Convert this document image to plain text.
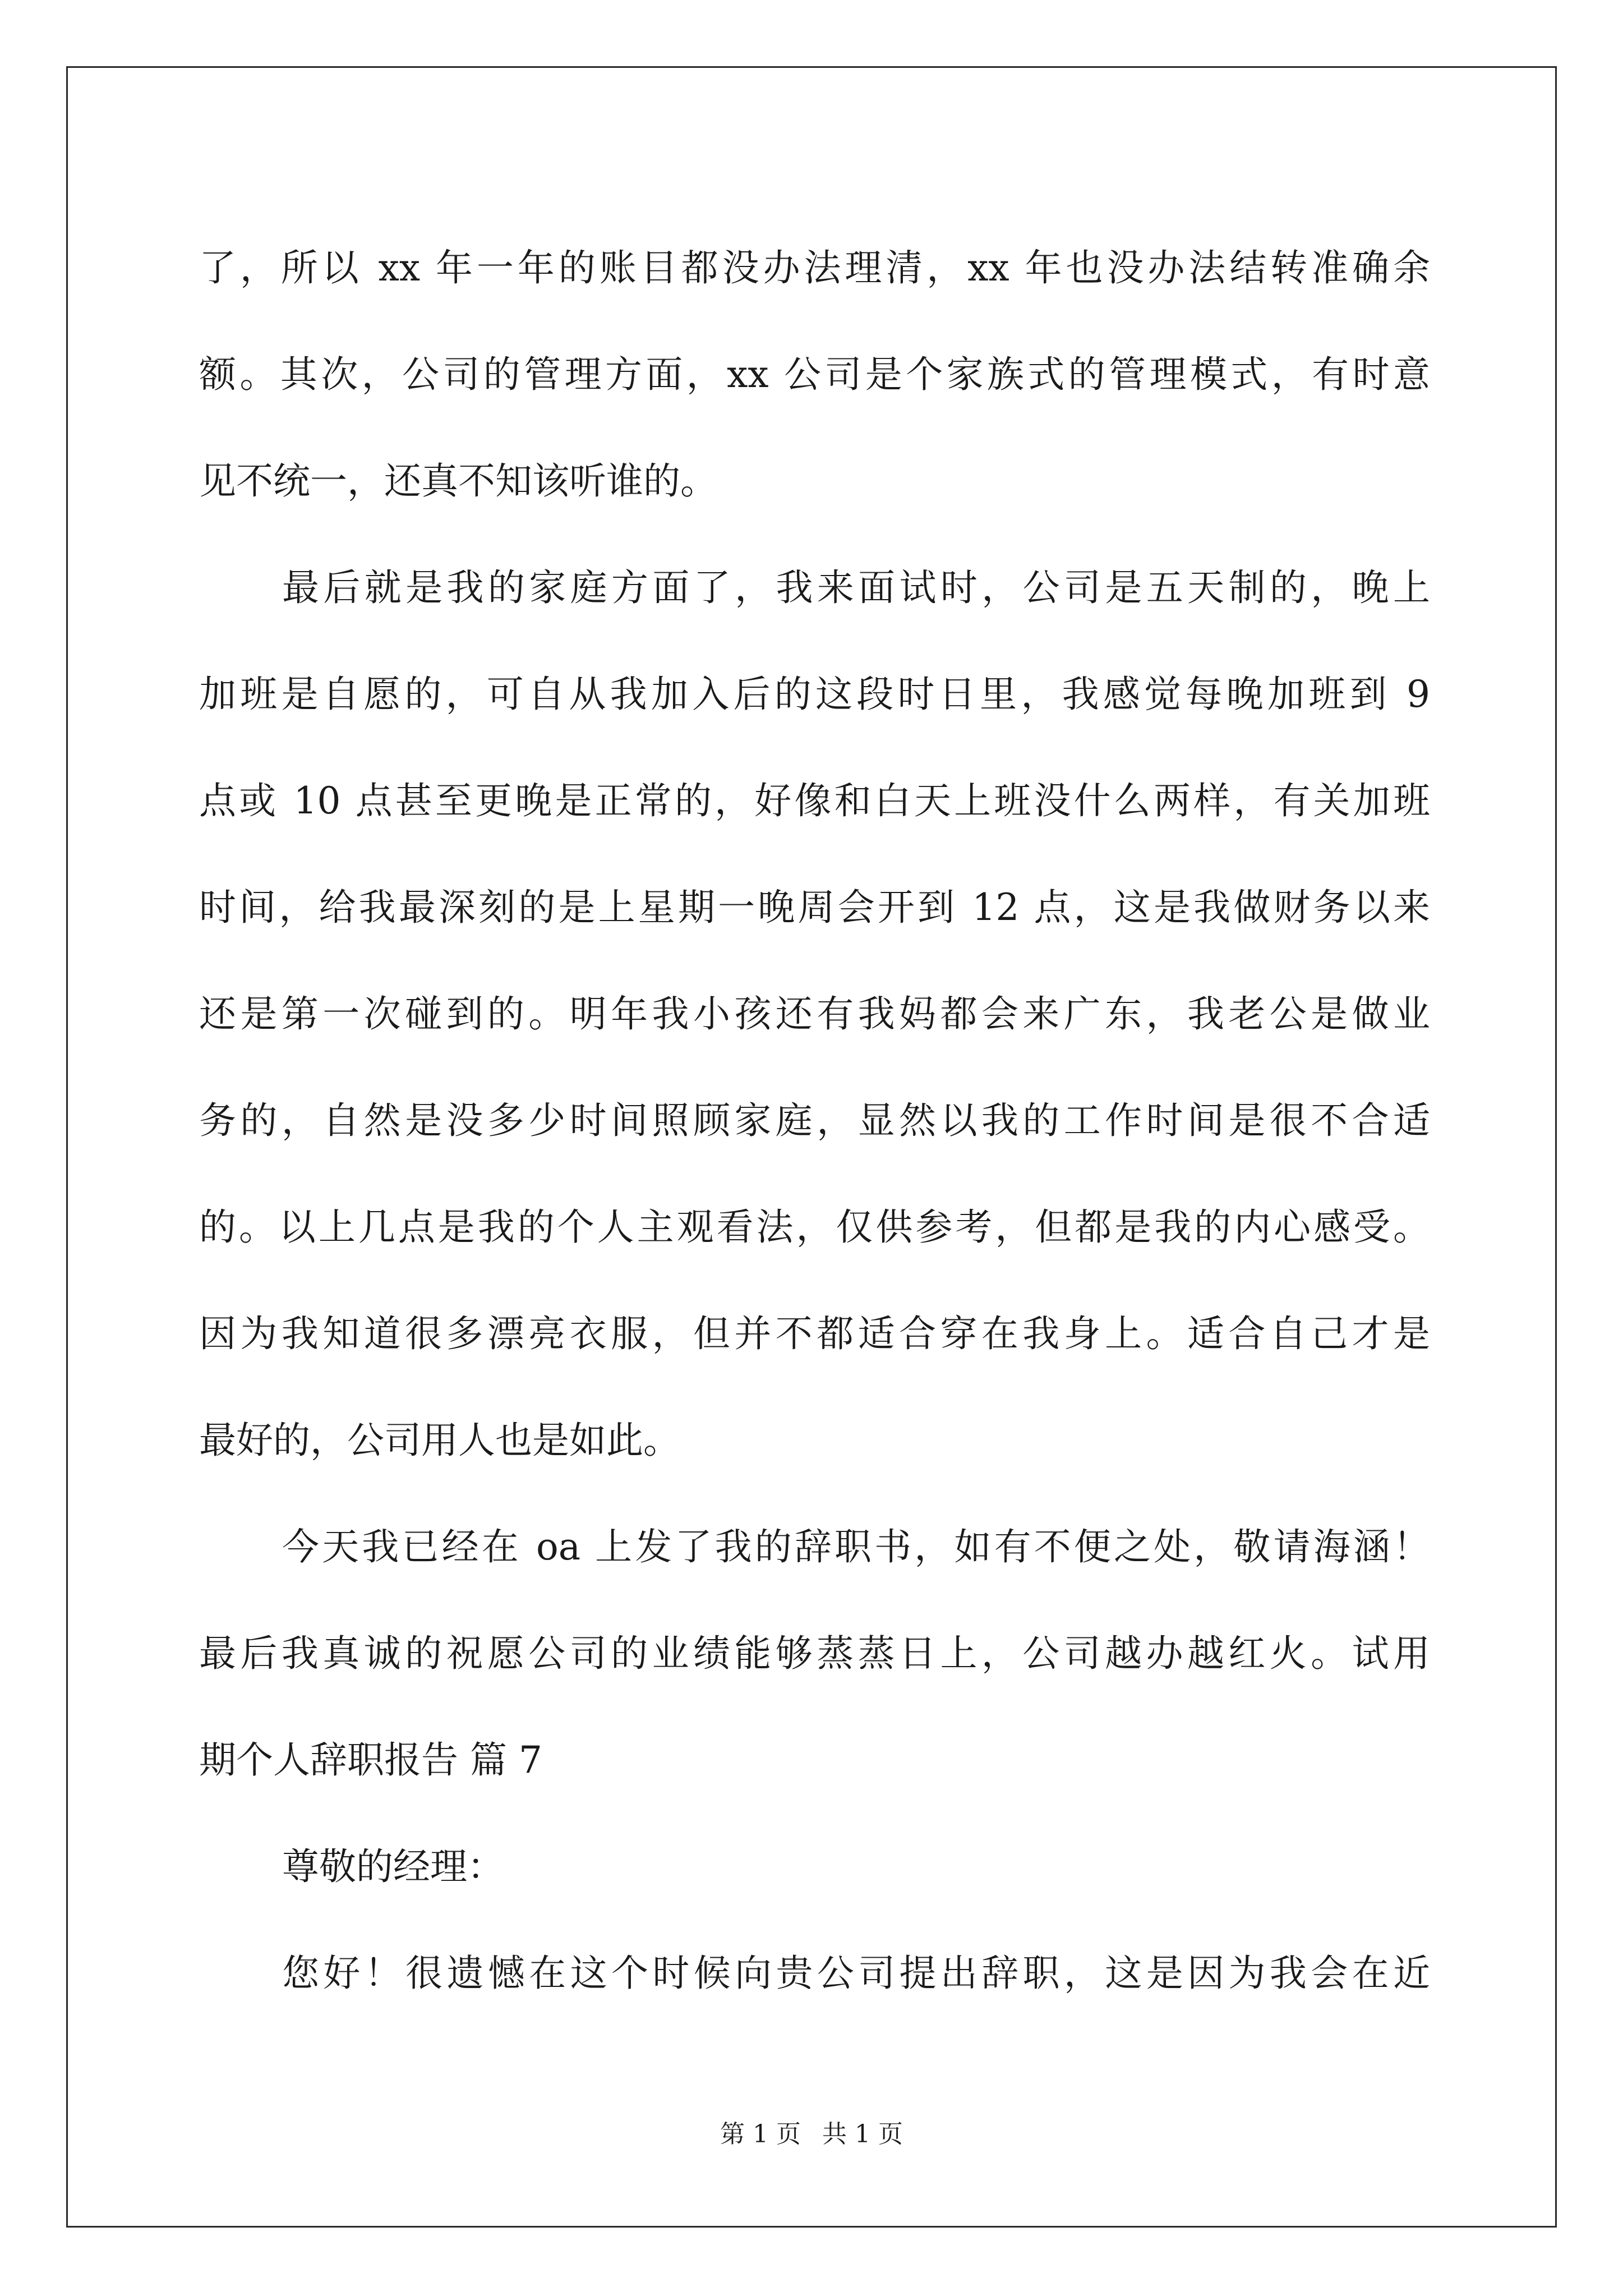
了，所以 xx 年一年的账目都没办法理清，xx 年也没办法结转准确余
额。其次，公司的管理方面，xx 公司是个家族式的管理模式，有时意
见不统一，还真不知该听谁的。
最后就是我的家庭方面了，我来面试时，公司是五天制的，晚上
加班是自愿的，可自从我加入后的这段时日里，我感觉每晚加班到 9
点或 10 点甚至更晚是正常的，好像和白天上班没什么两样，有关加班
时间，给我最深刻的是上星期一晚周会开到 12 点，这是我做财务以来
还是第一次碰到的。明年我小孩还有我妈都会来广东，我老公是做业
务的，自然是没多少时间照顾家庭，显然以我的工作时间是很不合适
的。以上几点是我的个人主观看法，仅供参考，但都是我的内心感受。
因为我知道很多漂亮衣服，但并不都适合穿在我身上。适合自己才是
最好的，公司用人也是如此。
今天我已经在 oa 上发了我的辞职书，如有不便之处，敬请海涵！
最后我真诚的祝愿公司的业绩能够蒸蒸日上，公司越办越红火。试用
期个人辞职报告 篇 7
尊敬的经理：
您好！很遗憾在这个时候向贵公司提出辞职，这是因为我会在近
第 1 页 共 1 页
